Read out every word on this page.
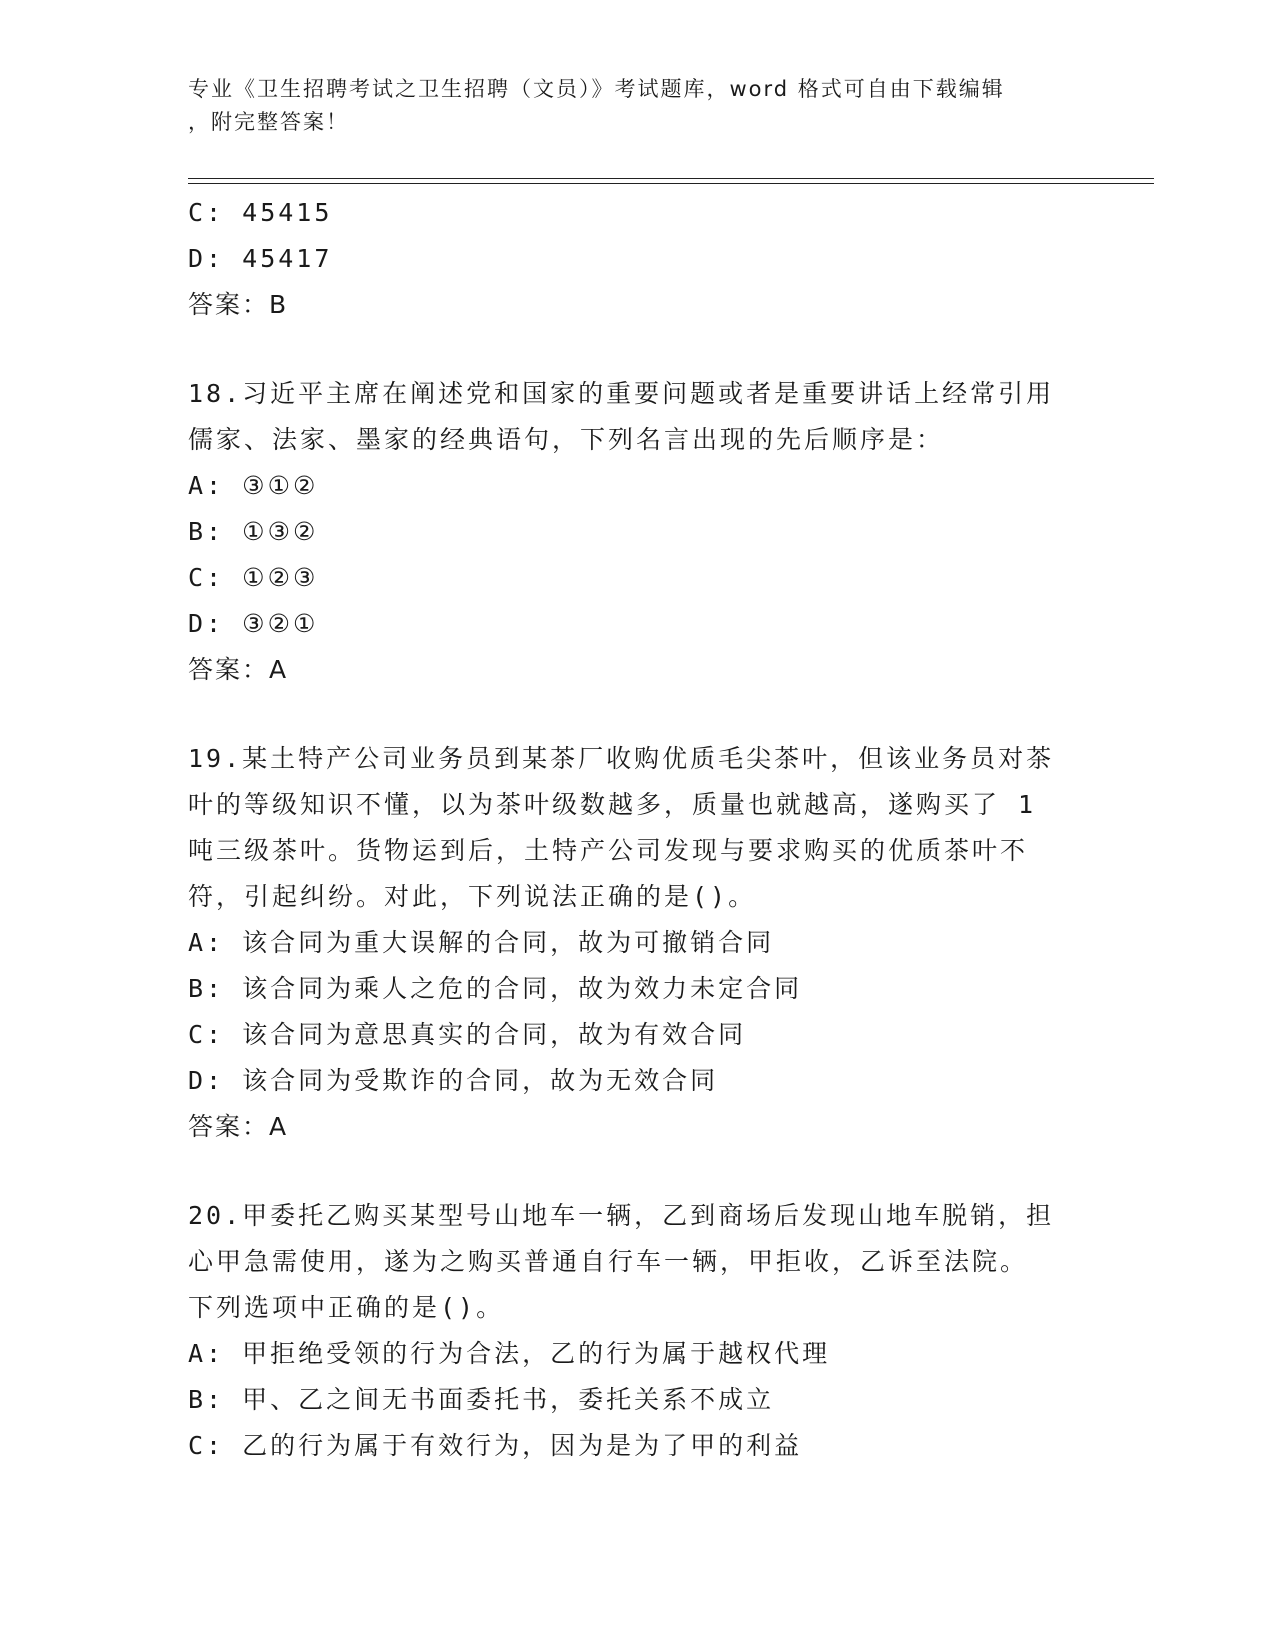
专业《卫生招聘考试之卫生招聘（文员）》考试题库，word 格式可自由下载编辑
，附完整答案！
C: 45415
D: 45417
答案：B
18.习近平主席在阐述党和国家的重要问题或者是重要讲话上经常引用
儒家、法家、墨家的经典语句，下列名言出现的先后顺序是：
A: ③①②
B: ①③②
C: ①②③
D: ③②①
答案：A
19.某土特产公司业务员到某茶厂收购优质毛尖茶叶，但该业务员对茶
叶的等级知识不懂，以为茶叶级数越多，质量也就越高，遂购买了 1
吨三级茶叶。货物运到后，土特产公司发现与要求购买的优质茶叶不
符，引起纠纷。对此，下列说法正确的是()。
A: 该合同为重大误解的合同，故为可撤销合同
B: 该合同为乘人之危的合同，故为效力未定合同
C: 该合同为意思真实的合同，故为有效合同
D: 该合同为受欺诈的合同，故为无效合同
答案：A
20.甲委托乙购买某型号山地车一辆，乙到商场后发现山地车脱销，担
心甲急需使用，遂为之购买普通自行车一辆，甲拒收，乙诉至法院。
下列选项中正确的是()。
A: 甲拒绝受领的行为合法，乙的行为属于越权代理
B: 甲、乙之间无书面委托书，委托关系不成立
C: 乙的行为属于有效行为，因为是为了甲的利益
